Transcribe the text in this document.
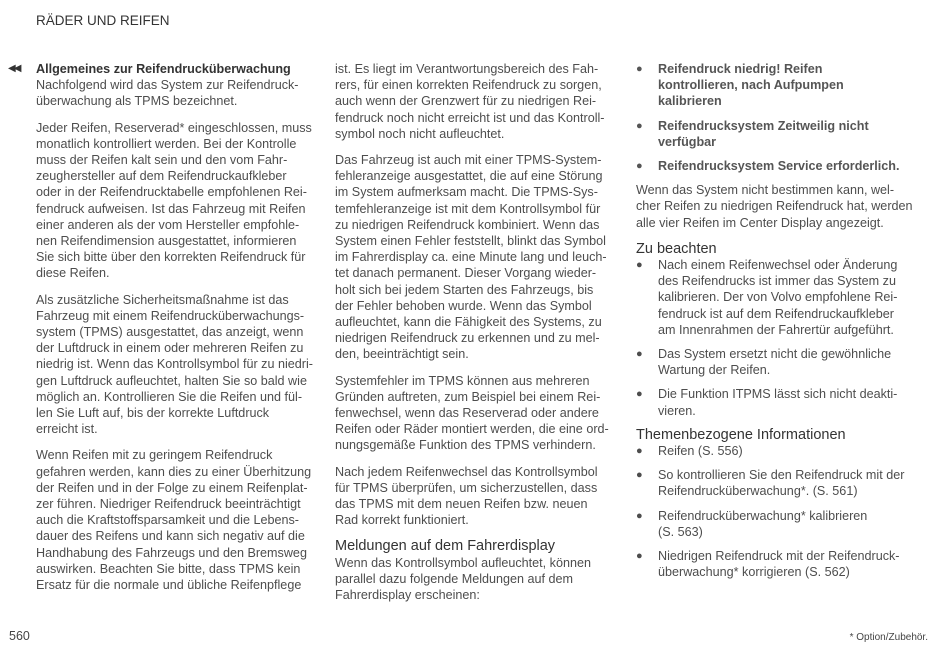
RÄDER UND REIFEN
◀◀ Allgemeines zur Reifendrucküberwachung
Nachfolgend wird das System zur Reifendruck-
überwachung als TPMS bezeichnet.
Jeder Reifen, Reserverad* eingeschlossen, muss
monatlich kontrolliert werden. Bei der Kontrolle
muss der Reifen kalt sein und den vom Fahr-
zeughersteller auf dem Reifendruckaufkleber
oder in der Reifendrucktabelle empfohlenen Rei-
fendruck aufweisen. Ist das Fahrzeug mit Reifen
einer anderen als der vom Hersteller empfohle-
nen Reifendimension ausgestattet, informieren
Sie sich bitte über den korrekten Reifendruck für
diese Reifen.
Als zusätzliche Sicherheitsmaßnahme ist das
Fahrzeug mit einem Reifendrucküberwachungs-
system (TPMS) ausgestattet, das anzeigt, wenn
der Luftdruck in einem oder mehreren Reifen zu
niedrig ist. Wenn das Kontrollsymbol für zu niedri-
gen Luftdruck aufleuchtet, halten Sie so bald wie
möglich an. Kontrollieren Sie die Reifen und fül-
len Sie Luft auf, bis der korrekte Luftdruck
erreicht ist.
Wenn Reifen mit zu geringem Reifendruck
gefahren werden, kann dies zu einer Überhitzung
der Reifen und in der Folge zu einem Reifenplat-
zer führen. Niedriger Reifendruck beeinträchtigt
auch die Kraftstoffsparsamkeit und die Lebens-
dauer des Reifens und kann sich negativ auf die
Handhabung des Fahrzeugs und den Bremsweg
auswirken. Beachten Sie bitte, dass TPMS kein
Ersatz für die normale und übliche Reifenpflege
ist. Es liegt im Verantwortungsbereich des Fah-
rers, für einen korrekten Reifendruck zu sorgen,
auch wenn der Grenzwert für zu niedrigen Rei-
fendruck noch nicht erreicht ist und das Kontroll-
symbol noch nicht aufleuchtet.
Das Fahrzeug ist auch mit einer TPMS-System-
fehleranzeige ausgestattet, die auf eine Störung
im System aufmerksam macht. Die TPMS-Sys-
temfehleranzeige ist mit dem Kontrollsymbol für
zu niedrigen Reifendruck kombiniert. Wenn das
System einen Fehler feststellt, blinkt das Symbol
im Fahrerdisplay ca. eine Minute lang und leuch-
tet danach permanent. Dieser Vorgang wieder-
holt sich bei jedem Starten des Fahrzeugs, bis
der Fehler behoben wurde. Wenn das Symbol
aufleuchtet, kann die Fähigkeit des Systems, zu
niedrigen Reifendruck zu erkennen und zu mel-
den, beeinträchtigt sein.
Systemfehler im TPMS können aus mehreren
Gründen auftreten, zum Beispiel bei einem Rei-
fenwechsel, wenn das Reserverad oder andere
Reifen oder Räder montiert werden, die eine ord-
nungsgemäße Funktion des TPMS verhindern.
Nach jedem Reifenwechsel das Kontrollsymbol
für TPMS überprüfen, um sicherzustellen, dass
das TPMS mit dem neuen Reifen bzw. neuen
Rad korrekt funktioniert.
Meldungen auf dem Fahrerdisplay
Wenn das Kontrollsymbol aufleuchtet, können
parallel dazu folgende Meldungen auf dem
Fahrerdisplay erscheinen:
● Reifendruck niedrig! Reifen
kontrollieren, nach Aufpumpen
kalibrieren
● Reifendrucksystem Zeitweilig nicht
verfügbar
● Reifendrucksystem Service erforderlich.
Wenn das System nicht bestimmen kann, wel-
cher Reifen zu niedrigen Reifendruck hat, werden
alle vier Reifen im Center Display angezeigt.
Zu beachten
● Nach einem Reifenwechsel oder Änderung
des Reifendrucks ist immer das System zu
kalibrieren. Der von Volvo empfohlene Rei-
fendruck ist auf dem Reifendruckaufkleber
am Innenrahmen der Fahrertür aufgeführt.
● Das System ersetzt nicht die gewöhnliche
Wartung der Reifen.
● Die Funktion ITPMS lässt sich nicht deakti-
vieren.
Themenbezogene Informationen
● Reifen (S. 556)
● So kontrollieren Sie den Reifendruck mit der
Reifendrucküberwachung*. (S. 561)
● Reifendrucküberwachung* kalibrieren
(S. 563)
● Niedrigen Reifendruck mit der Reifendruck-
überwachung* korrigieren (S. 562)
560	* Option/Zubehör.
